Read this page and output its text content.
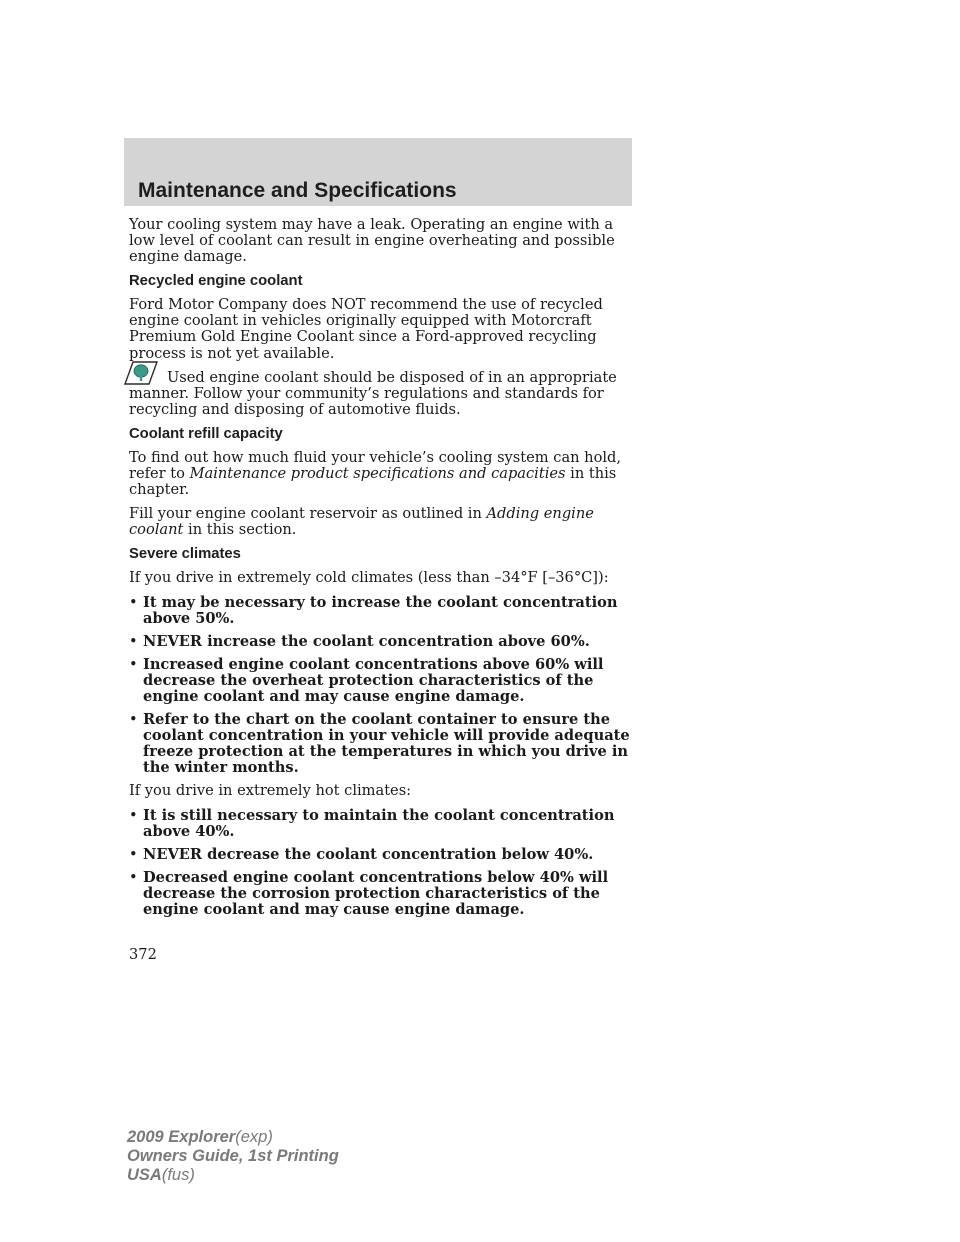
Maintenance and Specifications

Your cooling system may have a leak. Operating an engine with a low level of coolant can result in engine overheating and possible engine damage.

Recycled engine coolant

Ford Motor Company does NOT recommend the use of recycled engine coolant in vehicles originally equipped with Motorcraft Premium Gold Engine Coolant since a Ford-approved recycling process is not yet available.

Used engine coolant should be disposed of in an appropriate manner. Follow your community’s regulations and standards for recycling and disposing of automotive fluids.

Coolant refill capacity

To find out how much fluid your vehicle’s cooling system can hold, refer to Maintenance product specifications and capacities in this chapter.

Fill your engine coolant reservoir as outlined in Adding engine coolant in this section.

Severe climates

If you drive in extremely cold climates (less than –34°F [–36°C]):

• It may be necessary to increase the coolant concentration above 50%.
• NEVER increase the coolant concentration above 60%.
• Increased engine coolant concentrations above 60% will decrease the overheat protection characteristics of the engine coolant and may cause engine damage.
• Refer to the chart on the coolant container to ensure the coolant concentration in your vehicle will provide adequate freeze protection at the temperatures in which you drive in the winter months.

If you drive in extremely hot climates:

• It is still necessary to maintain the coolant concentration above 40%.
• NEVER decrease the coolant concentration below 40%.
• Decreased engine coolant concentrations below 40% will decrease the corrosion protection characteristics of the engine coolant and may cause engine damage.

372

2009 Explorer(exp)
Owners Guide, 1st Printing
USA(fus)
